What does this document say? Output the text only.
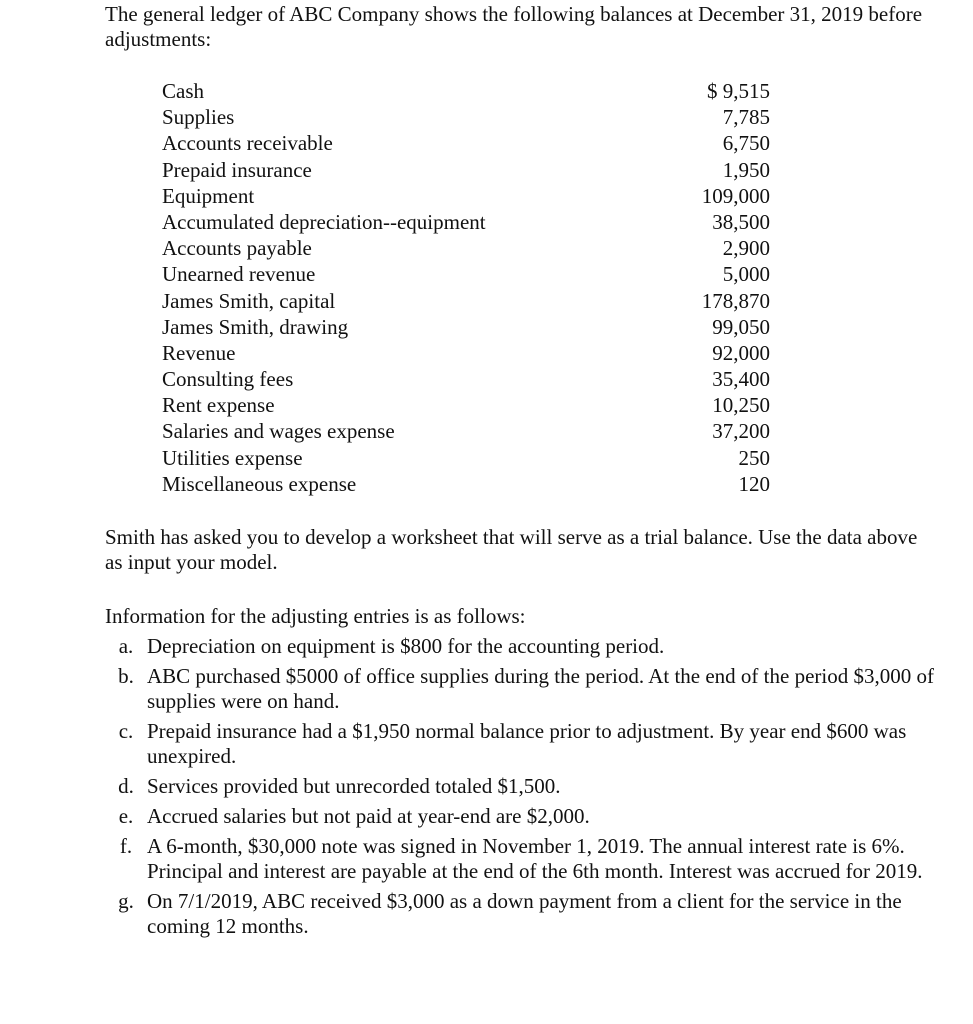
The general ledger of ABC Company shows the following balances at December 31, 2019 before adjustments:

Cash	$ 9,515
Supplies	7,785
Accounts receivable	6,750
Prepaid insurance	1,950
Equipment	109,000
Accumulated depreciation--equipment	38,500
Accounts payable	2,900
Unearned revenue	5,000
James Smith, capital	178,870
James Smith, drawing	99,050
Revenue	92,000
Consulting fees	35,400
Rent expense	10,250
Salaries and wages expense	37,200
Utilities expense	250
Miscellaneous expense	120

Smith has asked you to develop a worksheet that will serve as a trial balance. Use the data above as input your model.

Information for the adjusting entries is as follows:

a. Depreciation on equipment is $800 for the accounting period.
b. ABC purchased $5000 of office supplies during the period. At the end of the period $3,000 of supplies were on hand.
c. Prepaid insurance had a $1,950 normal balance prior to adjustment. By year end $600 was unexpired.
d. Services provided but unrecorded totaled $1,500.
e. Accrued salaries but not paid at year-end are $2,000.
f. A 6-month, $30,000 note was signed in November 1, 2019. The annual interest rate is 6%. Principal and interest are payable at the end of the 6th month. Interest was accrued for 2019.
g. On 7/1/2019, ABC received $3,000 as a down payment from a client for the service in the coming 12 months.
